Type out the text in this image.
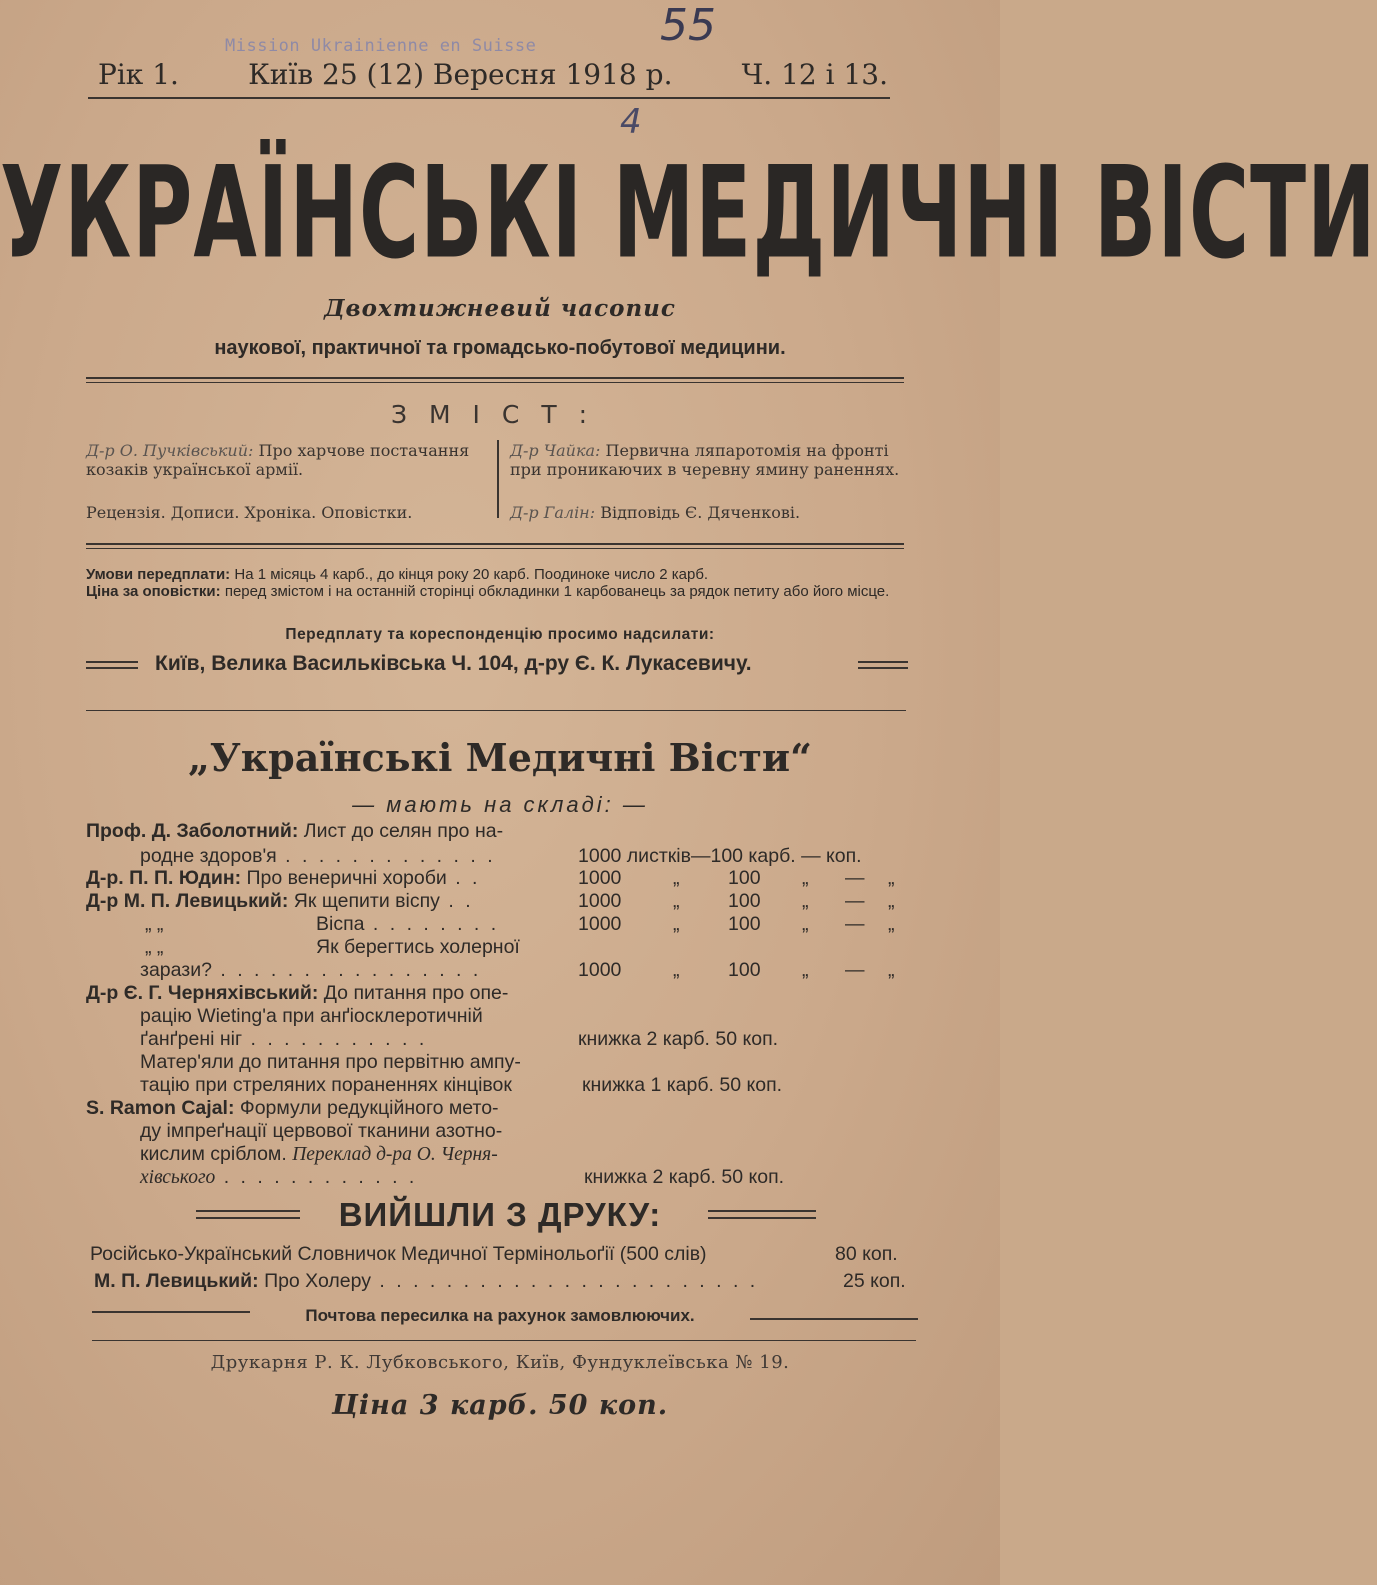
Mission Ukrainienne en Suisse	55
4
Рік 1. Київ 25 (12) Вересня 1918 р. Ч. 12 і 13.
УКРАЇНСЬКІ МЕДИЧНІ ВІСТИ
Двохтижневий часопис
наукової, практичної та громадсько-побутової медицини.
ЗМІСТ:
Д-р О. Пучківський: Про харчове постачання козаків української армії.
Рецензія. Дописи. Хроніка. Оповістки.
Д-р Чайка: Первична ляпаротомія на фронті при проникаючих в черевну ямину раненнях.
Д-р Галін: Відповідь Є. Дяченкові.
Умови передплати: На 1 місяць 4 карб., до кінця року 20 карб. Поодиноке число 2 карб.
Ціна за оповістки: перед змістом і на останній сторінці обкладинки 1 карбованець за рядок петиту або його місце.
Передплату та кореспонденцію просимо надсилати:
Київ, Велика Васильківська Ч. 104, д-ру Є. К. Лукасевичу.
„Українські Медичні Вісти“
— мають на складі: —
Проф. Д. Заболотний: Лист до селян про на-
родне здоров'я . . . . . . . . . . . . .	1000 листків—100 карб. — коп.
Д-р. П. П. Юдин: Про венеричні хороби . .	1000	„ 100 „ — „
Д-р М. П. Левицький: Як щепити віспу . .	1000	„ 100 „ — „
„ „	Віспа . . . . . . . .	1000	„ 100 „ — „
„ „	Як берегтись холерної
зарази? . . . . . . . . . . . . . . . .	1000	„ 100 „ — „
Д-р Є. Г. Черняхівський: До питання про опе-
рацію Wieting'a при анґіосклеротичній
ґанґрені ніг . . . . . . . . . . .	книжка 2 карб. 50 коп.
Матер'яли до питання про первітню ампу-
тацію при стреляних пораненнях кінцівок	книжка 1 карб. 50 коп.
S. Ramon Cajal: Формули редукційного мето-
ду імпреґнації цервової тканини азотно-
кислим сріблом. Переклад д-ра О. Черня-
хівського . . . . . . . . . . . .	книжка 2 карб. 50 коп.
ВИЙШЛИ З ДРУКУ:
Російсько-Український Словничок Медичної Термінольоґії (500 слів)	80 коп.
М. П. Левицький: Про Холеру . . . . . . . . . . . . . . . . . . . . . . .	25 коп.
Почтова пересилка на рахунок замовлюючих.
Друкарня Р. К. Лубковського, Київ, Фундуклеївська № 19.
Ціна 3 карб. 50 коп.
